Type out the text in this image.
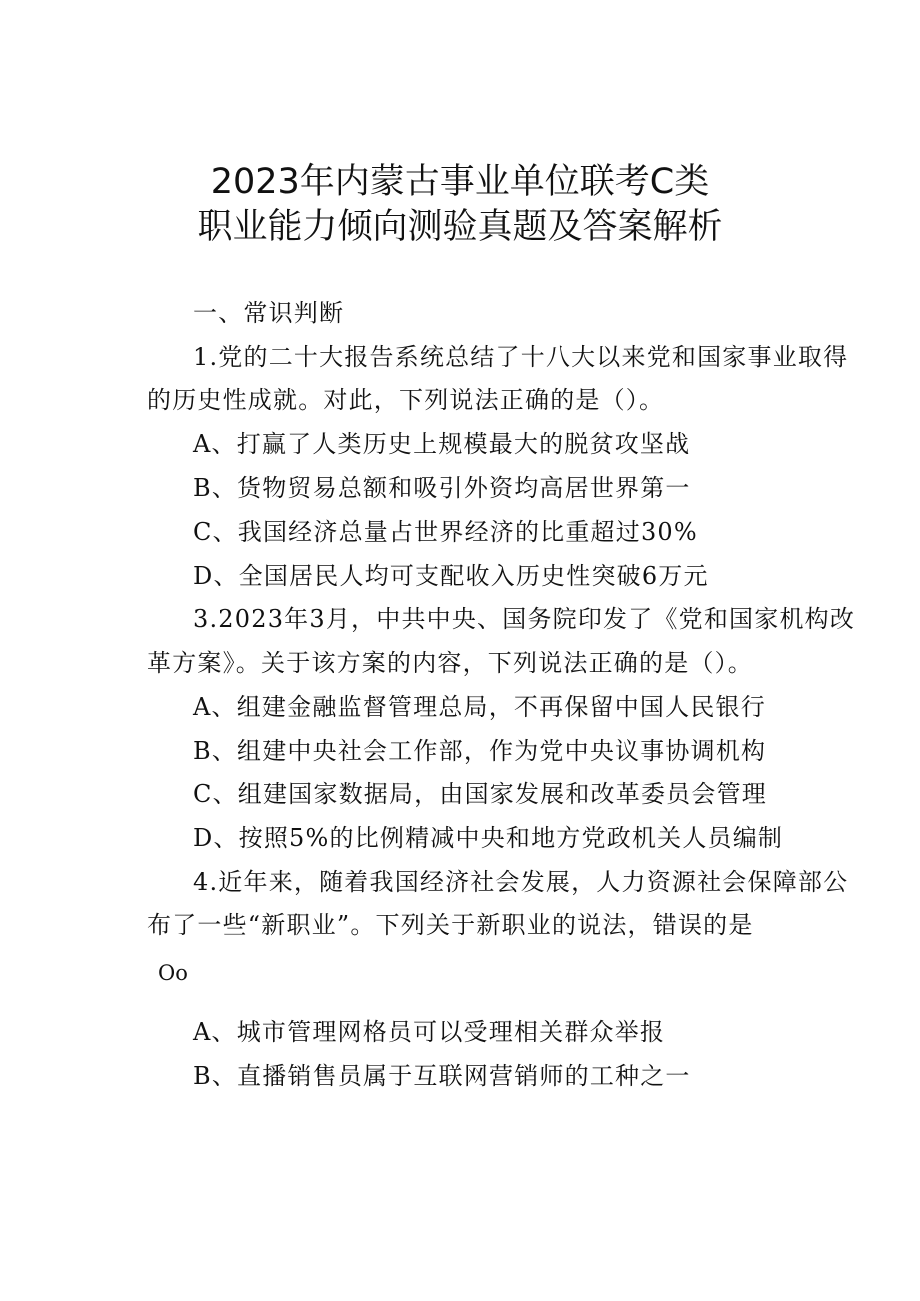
2023年内蒙古事业单位联考C类
职业能力倾向测验真题及答案解析
一、常识判断
1.党的二十大报告系统总结了十八大以来党和国家事业取得
的历史性成就。对此，下列说法正确的是（）。
A、打赢了人类历史上规模最大的脱贫攻坚战
B、货物贸易总额和吸引外资均高居世界第一
C、我国经济总量占世界经济的比重超过30%
D、全国居民人均可支配收入历史性突破6万元
3.2023年3月，中共中央、国务院印发了《党和国家机构改
革方案》。关于该方案的内容，下列说法正确的是（）。
A、组建金融监督管理总局，不再保留中国人民银行
B、组建中央社会工作部，作为党中央议事协调机构
C、组建国家数据局，由国家发展和改革委员会管理
D、按照5%的比例精减中央和地方党政机关人员编制
4.近年来，随着我国经济社会发展，人力资源社会保障部公
布了一些“新职业”。下列关于新职业的说法，错误的是
Oo
A、城市管理网格员可以受理相关群众举报
B、直播销售员属于互联网营销师的工种之一
